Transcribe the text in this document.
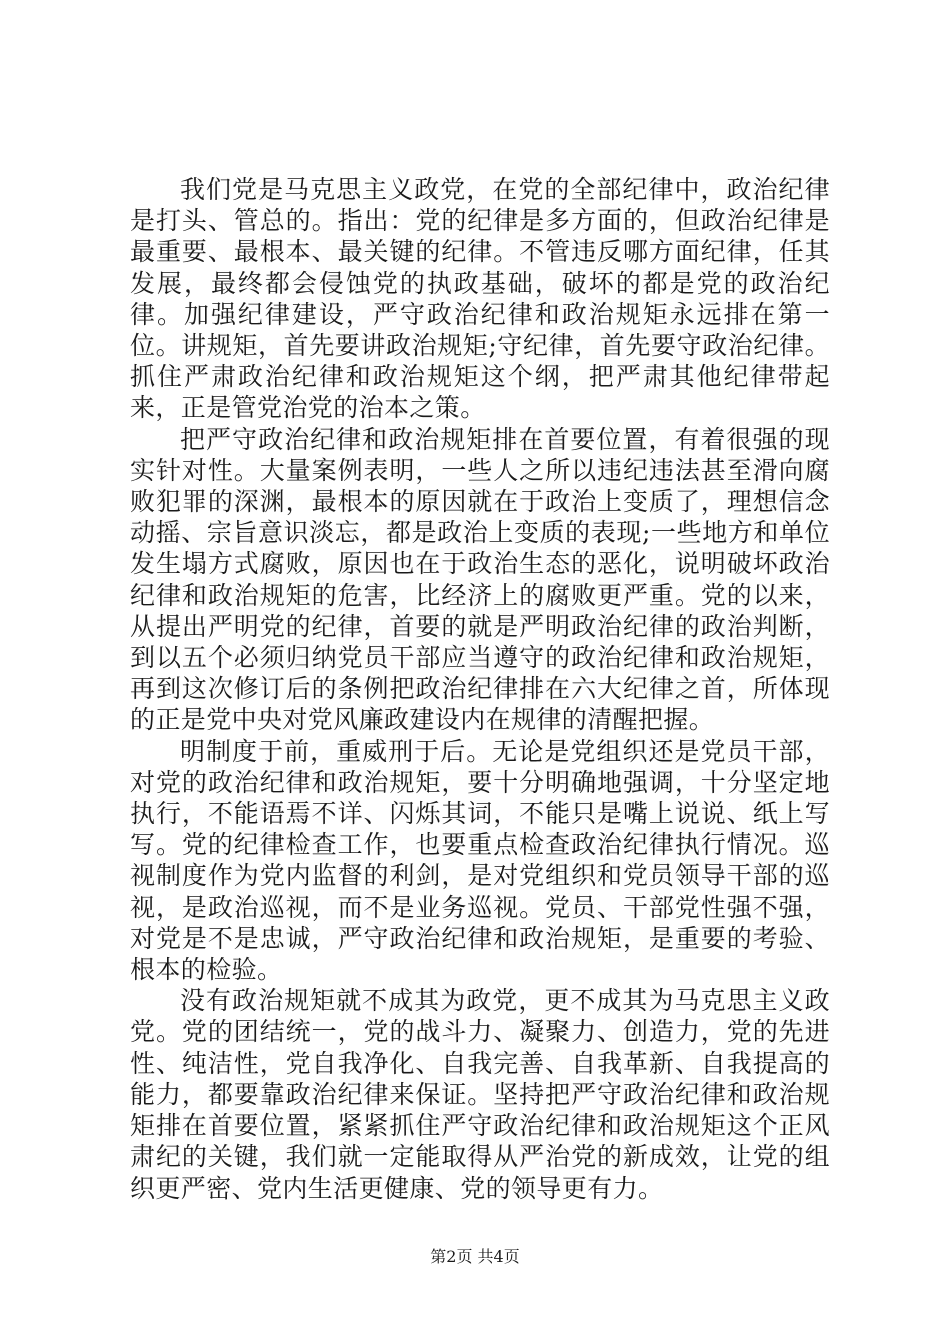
我们党是马克思主义政党，在党的全部纪律中，政治纪律是打头、管总的。指出：党的纪律是多方面的，但政治纪律是最重要、最根本、最关键的纪律。不管违反哪方面纪律，任其发展，最终都会侵蚀党的执政基础，破坏的都是党的政治纪律。加强纪律建设，严守政治纪律和政治规矩永远排在第一位。讲规矩，首先要讲政治规矩;守纪律，首先要守政治纪律。抓住严肃政治纪律和政治规矩这个纲，把严肃其他纪律带起来，正是管党治党的治本之策。

把严守政治纪律和政治规矩排在首要位置，有着很强的现实针对性。大量案例表明，一些人之所以违纪违法甚至滑向腐败犯罪的深渊，最根本的原因就在于政治上变质了，理想信念动摇、宗旨意识淡忘，都是政治上变质的表现;一些地方和单位发生塌方式腐败，原因也在于政治生态的恶化，说明破坏政治纪律和政治规矩的危害，比经济上的腐败更严重。党的以来，从提出严明党的纪律，首要的就是严明政治纪律的政治判断，到以五个必须归纳党员干部应当遵守的政治纪律和政治规矩，再到这次修订后的条例把政治纪律排在六大纪律之首，所体现的正是党中央对党风廉政建设内在规律的清醒把握。

明制度于前，重威刑于后。无论是党组织还是党员干部，对党的政治纪律和政治规矩，要十分明确地强调，十分坚定地执行，不能语焉不详、闪烁其词，不能只是嘴上说说、纸上写写。党的纪律检查工作，也要重点检查政治纪律执行情况。巡视制度作为党内监督的利剑，是对党组织和党员领导干部的巡视，是政治巡视，而不是业务巡视。党员、干部党性强不强，对党是不是忠诚，严守政治纪律和政治规矩，是重要的考验、根本的检验。

没有政治规矩就不成其为政党，更不成其为马克思主义政党。党的团结统一，党的战斗力、凝聚力、创造力，党的先进性、纯洁性，党自我净化、自我完善、自我革新、自我提高的能力，都要靠政治纪律来保证。坚持把严守政治纪律和政治规矩排在首要位置，紧紧抓住严守政治纪律和政治规矩这个正风肃纪的关键，我们就一定能取得从严治党的新成效，让党的组织更严密、党内生活更健康、党的领导更有力。

第2页 共4页
